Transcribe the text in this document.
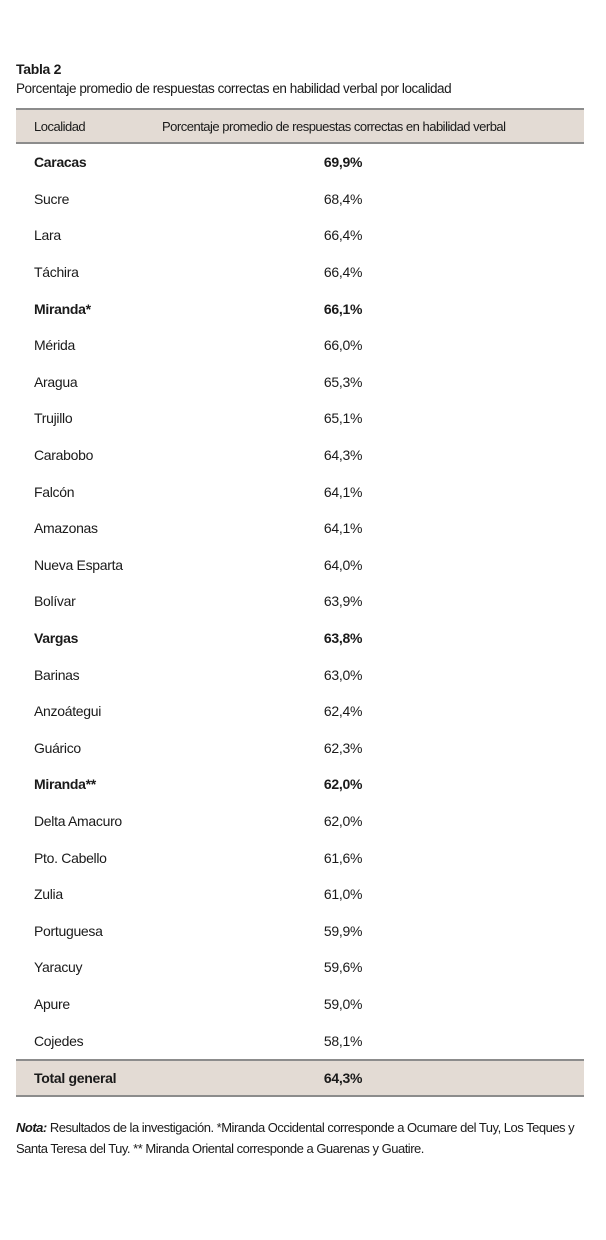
Tabla 2

Porcentaje promedio de respuestas correctas en habilidad verbal por localidad

Localidad	Porcentaje promedio de respuestas correctas en habilidad verbal
Caracas	69,9%
Sucre	68,4%
Lara	66,4%
Táchira	66,4%
Miranda*	66,1%
Mérida	66,0%
Aragua	65,3%
Trujillo	65,1%
Carabobo	64,3%
Falcón	64,1%
Amazonas	64,1%
Nueva Esparta	64,0%
Bolívar	63,9%
Vargas	63,8%
Barinas	63,0%
Anzoátegui	62,4%
Guárico	62,3%
Miranda**	62,0%
Delta Amacuro	62,0%
Pto. Cabello	61,6%
Zulia	61,0%
Portuguesa	59,9%
Yaracuy	59,6%
Apure	59,0%
Cojedes	58,1%
Total general	64,3%
Nota: Resultados de la investigación. *Miranda Occidental corresponde a Ocumare del Tuy, Los Teques y Santa Teresa del Tuy. ** Miranda Oriental corresponde a Guarenas y Guatire.
